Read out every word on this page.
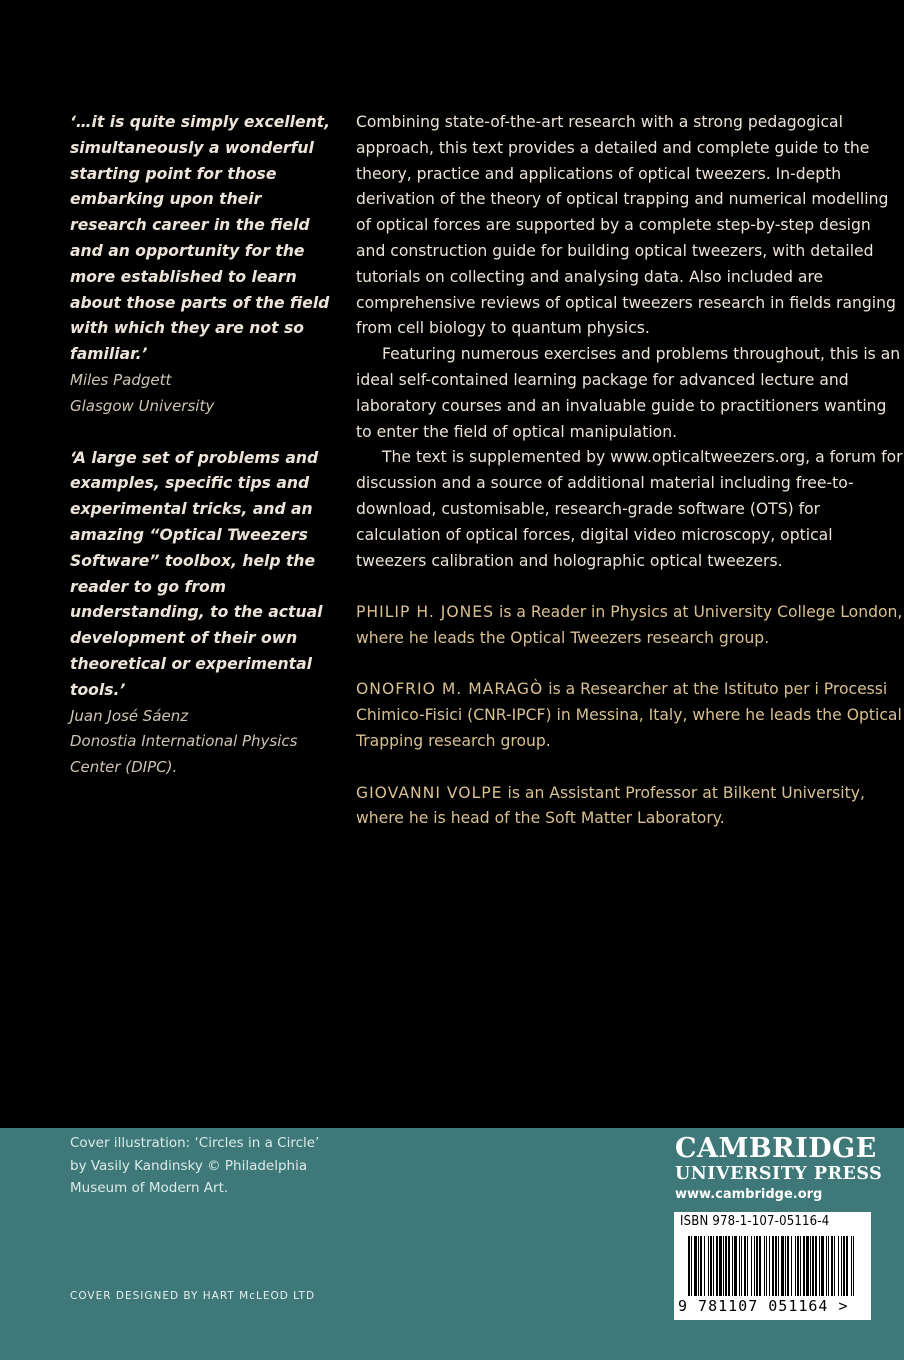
‘…it is quite simply excellent, simultaneously a wonderful starting point for those embarking upon their research career in the field and an opportunity for the more established to learn about those parts of the field with which they are not so familiar.’

Miles Padgett

Glasgow University

‘A large set of problems and examples, specific tips and experimental tricks, and an amazing “Optical Tweezers Software” toolbox, help the reader to go from understanding, to the actual development of their own theoretical or experimental tools.’

Juan José Sáenz

Donostia International Physics Center (DIPC).

Combining state-of-the-art research with a strong pedagogical approach, this text provides a detailed and complete guide to the theory, practice and applications of optical tweezers. In-depth derivation of the theory of optical trapping and numerical modelling of optical forces are supported by a complete step-by-step design and construction guide for building optical tweezers, with detailed tutorials on collecting and analysing data. Also included are comprehensive reviews of optical tweezers research in fields ranging from cell biology to quantum physics.

Featuring numerous exercises and problems throughout, this is an ideal self-contained learning package for advanced lecture and laboratory courses and an invaluable guide to practitioners wanting to enter the field of optical manipulation.

The text is supplemented by www.opticaltweezers.org, a forum for discussion and a source of additional material including free-to-download, customisable, research-grade software (OTS) for calculation of optical forces, digital video microscopy, optical tweezers calibration and holographic optical tweezers.

PHILIP H. JONES is a Reader in Physics at University College London, where he leads the Optical Tweezers research group.

ONOFRIO M. MARAGÒ is a Researcher at the Istituto per i Processi Chimico-Fisici (CNR-IPCF) in Messina, Italy, where he leads the Optical Trapping research group.

GIOVANNI VOLPE is an Assistant Professor at Bilkent University, where he is head of the Soft Matter Laboratory.

Cover illustration: ‘Circles in a Circle’ by Vasily Kandinsky © Philadelphia Museum of Modern Art.
COVER DESIGNED BY HART McLEOD LTD
CAMBRIDGE
UNIVERSITY PRESS
www.cambridge.org
ISBN 978-1-107-05116-4
9 781107 051164 >
